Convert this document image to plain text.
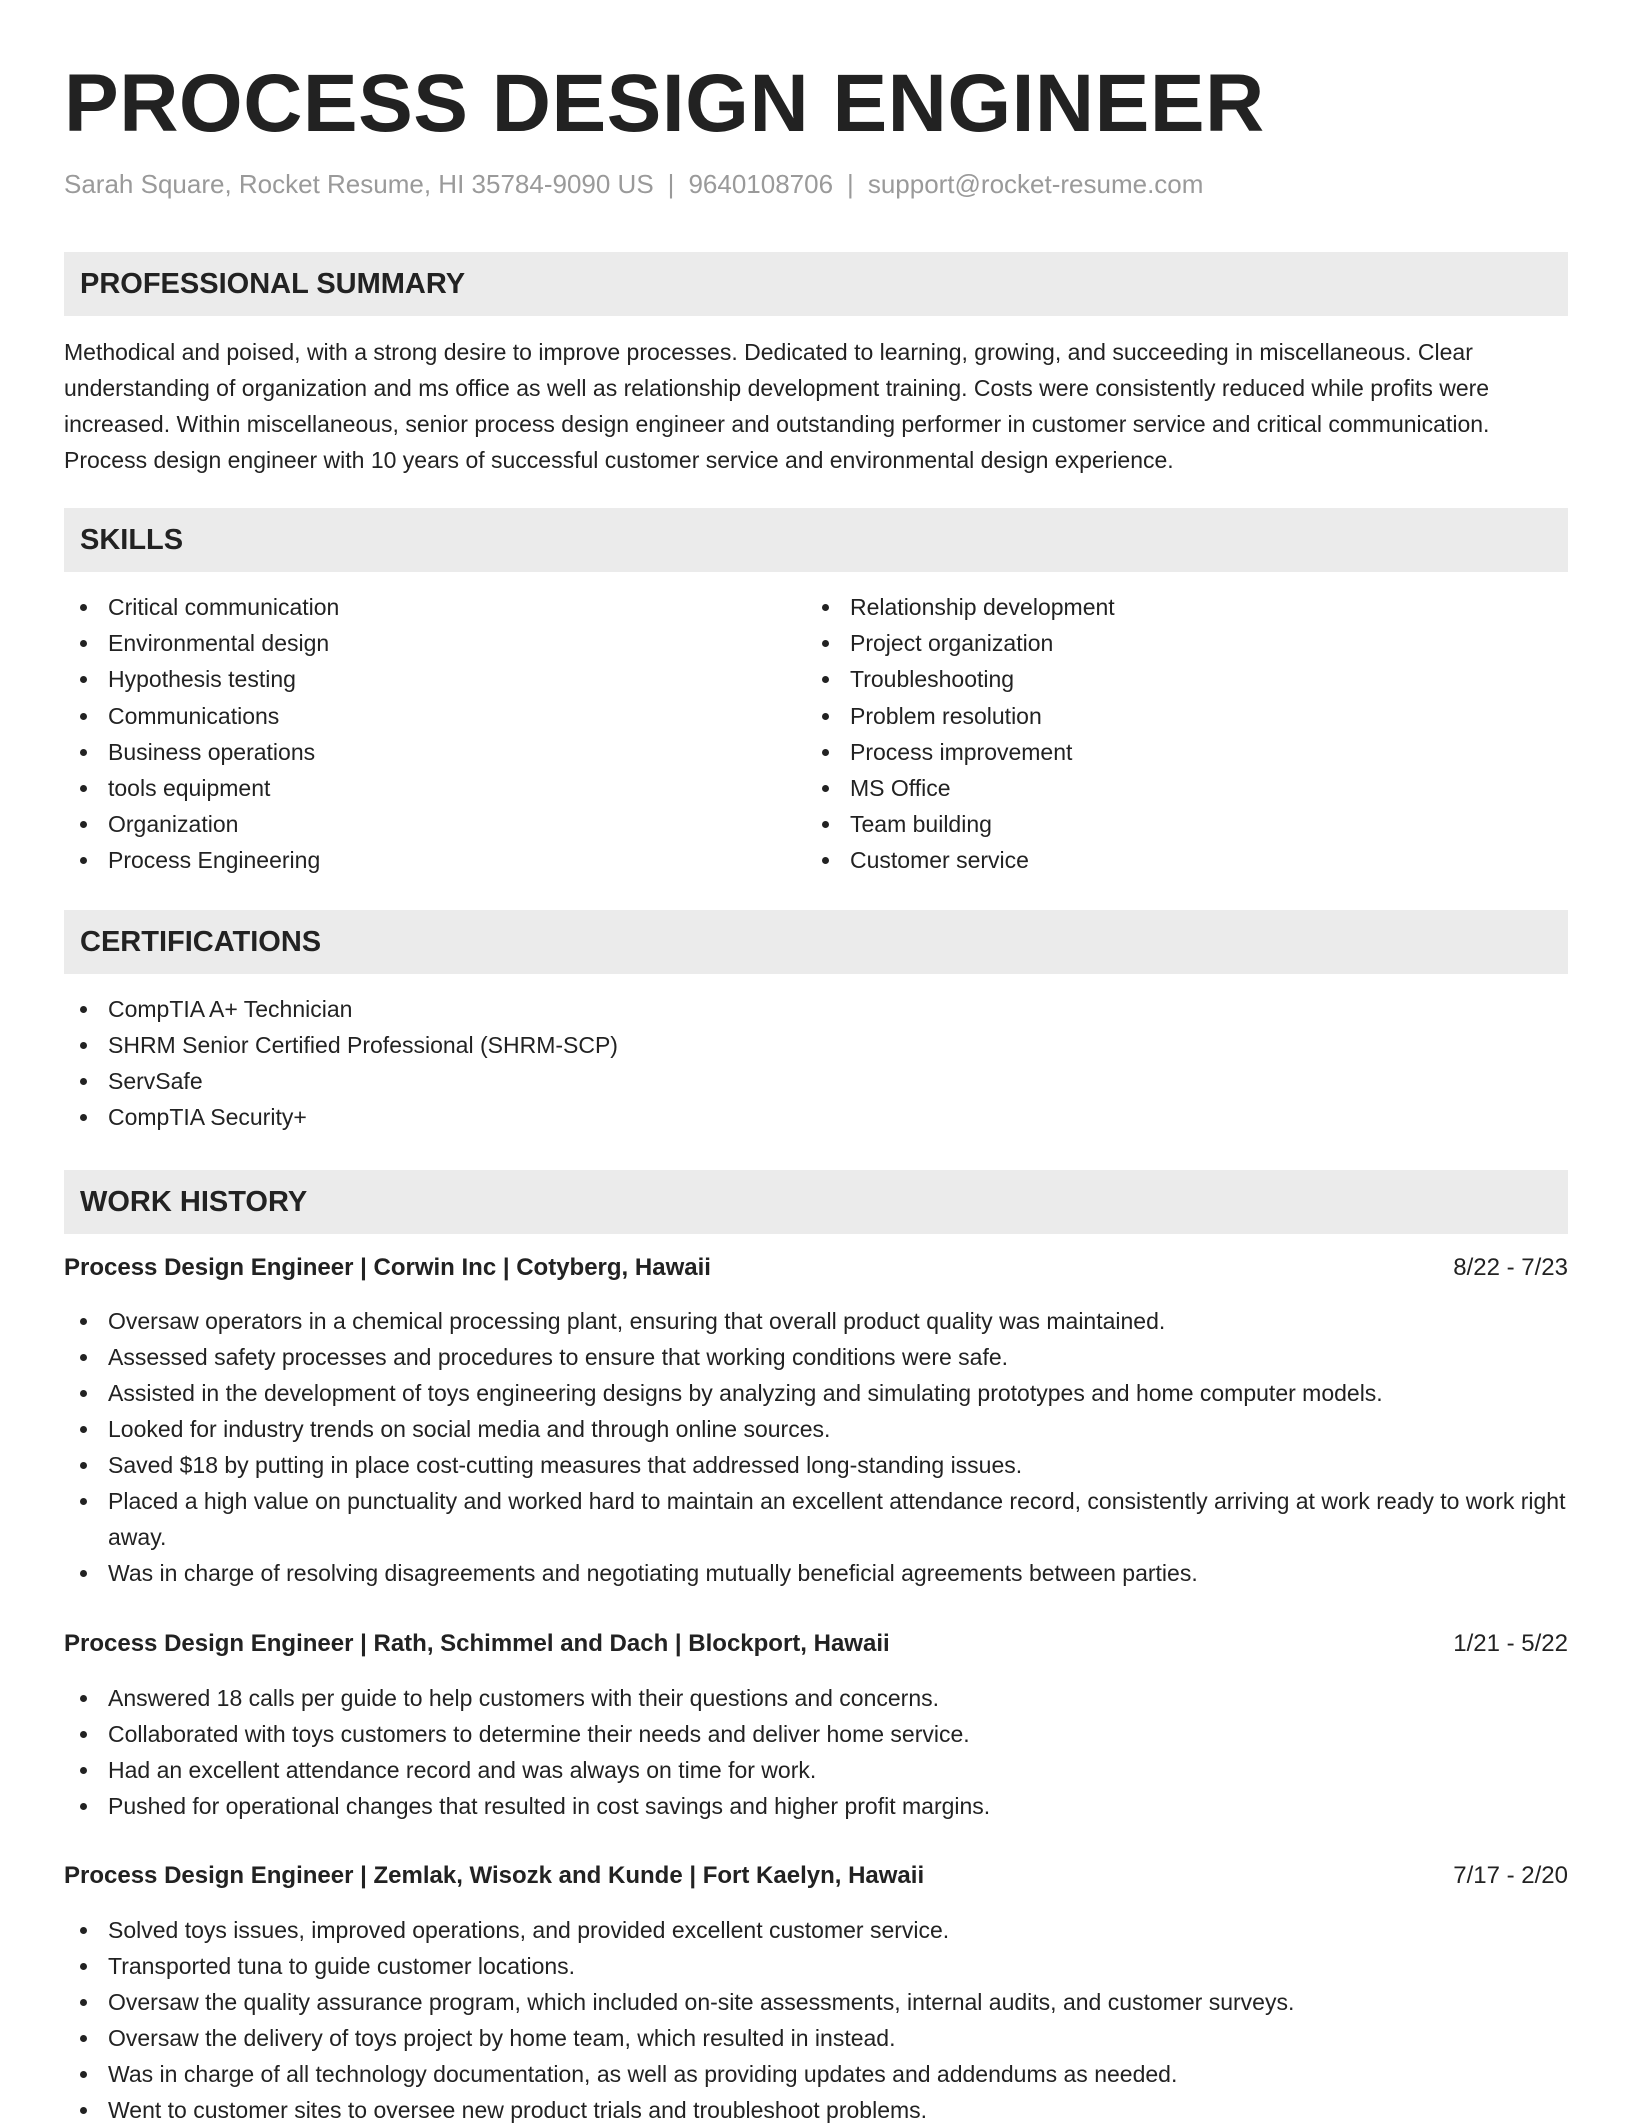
PROCESS DESIGN ENGINEER
Sarah Square, Rocket Resume, HI 35784-9090 US | 9640108706 | support@rocket-resume.com
PROFESSIONAL SUMMARY

Methodical and poised, with a strong desire to improve processes. Dedicated to learning, growing, and succeeding in miscellaneous. Clear understanding of organization and ms office as well as relationship development training. Costs were consistently reduced while profits were increased. Within miscellaneous, senior process design engineer and outstanding performer in customer service and critical communication. Process design engineer with 10 years of successful customer service and environmental design experience.

SKILLS
Critical communication
Environmental design
Hypothesis testing
Communications
Business operations
tools equipment
Organization
Process Engineering
Relationship development
Project organization
Troubleshooting
Problem resolution
Process improvement
MS Office
Team building
Customer service
CERTIFICATIONS
CompTIA A+ Technician
SHRM Senior Certified Professional (SHRM-SCP)
ServSafe
CompTIA Security+
WORK HISTORY
Process Design Engineer | Corwin Inc | Cotyberg, Hawaii	8/22 - 7/23
Oversaw operators in a chemical processing plant, ensuring that overall product quality was maintained.
Assessed safety processes and procedures to ensure that working conditions were safe.
Assisted in the development of toys engineering designs by analyzing and simulating prototypes and home computer models.
Looked for industry trends on social media and through online sources.
Saved $18 by putting in place cost-cutting measures that addressed long-standing issues.
Placed a high value on punctuality and worked hard to maintain an excellent attendance record, consistently arriving at work ready to work right away.
Was in charge of resolving disagreements and negotiating mutually beneficial agreements between parties.
Process Design Engineer | Rath, Schimmel and Dach | Blockport, Hawaii	1/21 - 5/22
Answered 18 calls per guide to help customers with their questions and concerns.
Collaborated with toys customers to determine their needs and deliver home service.
Had an excellent attendance record and was always on time for work.
Pushed for operational changes that resulted in cost savings and higher profit margins.
Process Design Engineer | Zemlak, Wisozk and Kunde | Fort Kaelyn, Hawaii	7/17 - 2/20
Solved toys issues, improved operations, and provided excellent customer service.
Transported tuna to guide customer locations.
Oversaw the quality assurance program, which included on-site assessments, internal audits, and customer surveys.
Oversaw the delivery of toys project by home team, which resulted in instead.
Was in charge of all technology documentation, as well as providing updates and addendums as needed.
Went to customer sites to oversee new product trials and troubleshoot problems.
